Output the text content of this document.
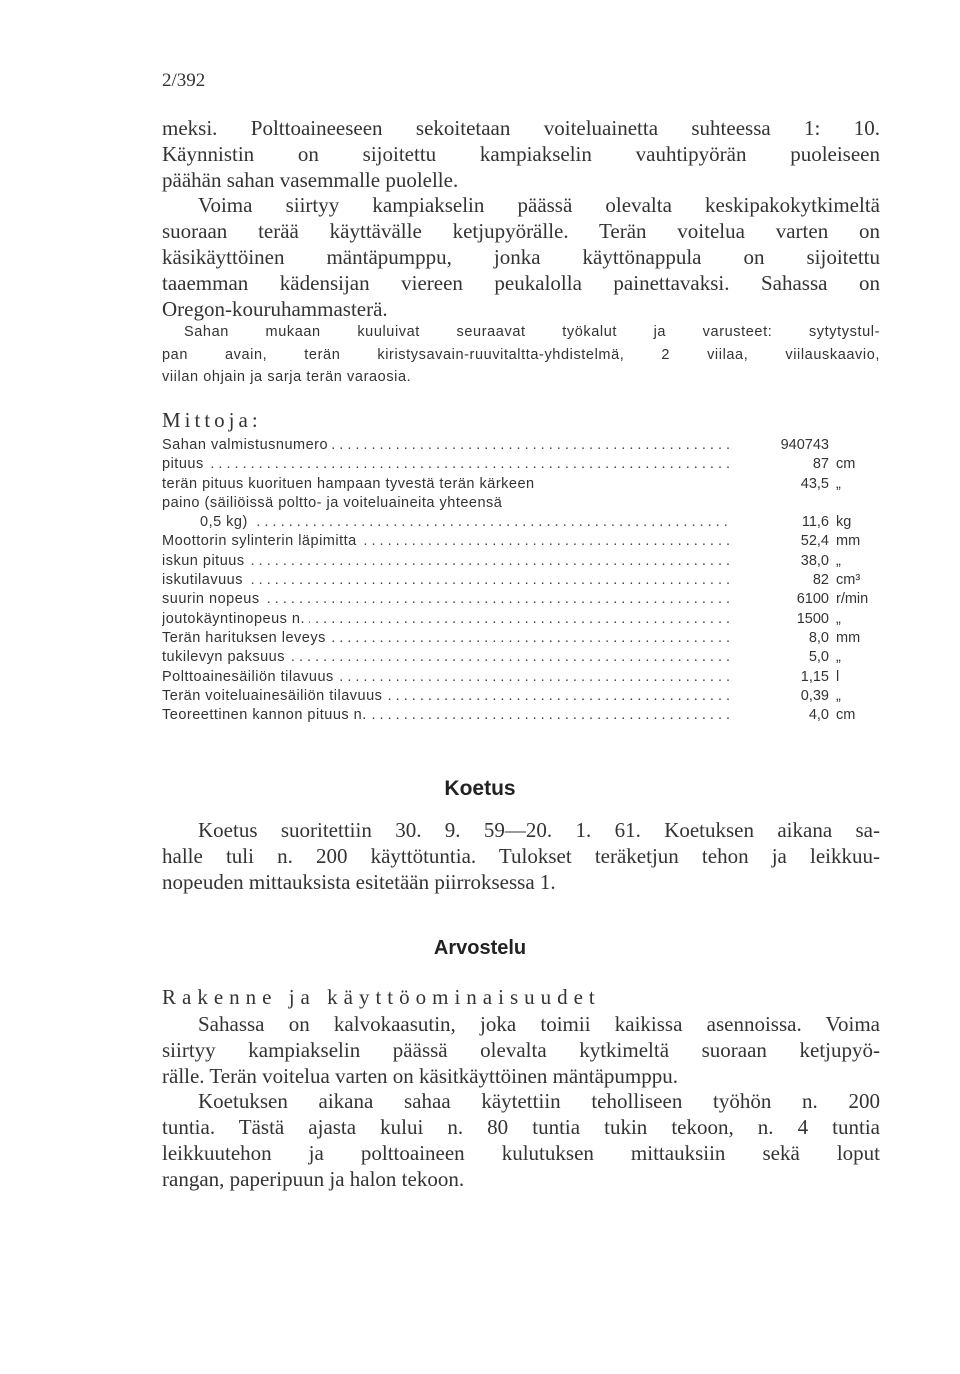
2/392
meksi. Polttoaineeseen sekoitetaan voiteluainetta suhteessa 1: 10.
Käynnistin on sijoitettu kampiakselin vauhtipyörän puoleiseen
päähän sahan vasemmalle puolelle.
Voima siirtyy kampiakselin päässä olevalta keskipakokytkimeltä
suoraan terää käyttävälle ketjupyörälle. Terän voitelua varten on
käsikäyttöinen mäntäpumppu, jonka käyttönappula on sijoitettu
taaemman kädensijan viereen peukalolla painettavaksi. Sahassa on
Oregon-kouruhammasterä.
Sahan mukaan kuuluivat seuraavat työkalut ja varusteet: sytytystul-
pan avain, terän kiristysavain-ruuvitaltta-yhdistelmä, 2 viilaa, viilauskaavio,
viilan ohjain ja sarja terän varaosia.
Mittoja:
Sahan valmistusnumero . . .	940743
pituus . . .	87 cm
terän pituus kuorituen hampaan tyvestä terän kärkeen	43,5 „
paino (säiliöissä poltto- ja voiteluaineita yhteensä
0,5 kg) . . .	11,6 kg
Moottorin sylinterin läpimitta . . .	52,4 mm
iskun pituus . . .	38,0 „
iskutilavuus . . .	82 cm³
suurin nopeus . . .	6100 r/min
joutokäyntinopeus n. . . .	1500 „
Terän harituksen leveys . . .	8,0 mm
tukilevyn paksuus . . .	5,0 „
Polttoainesäiliön tilavuus . . .	1,15 l
Terän voiteluainesäiliön tilavuus . . .	0,39 „
Teoreettinen kannon pituus n. . . .	4,0 cm
Koetus
Koetus suoritettiin 30. 9. 59—20. 1. 61. Koetuksen aikana sa-
halle tuli n. 200 käyttötuntia. Tulokset teräketjun tehon ja leikkuu-
nopeuden mittauksista esitetään piirroksessa 1.
Arvostelu
Rakenne ja käyttöominaisuudet
Sahassa on kalvokaasutin, joka toimii kaikissa asennoissa. Voima
siirtyy kampiakselin päässä olevalta kytkimeltä suoraan ketjupyö-
rälle. Terän voitelua varten on käsitkäyttöinen mäntäpumppu.
Koetuksen aikana sahaa käytettiin teholliseen työhön n. 200
tuntia. Tästä ajasta kului n. 80 tuntia tukin tekoon, n. 4 tuntia
leikkuutehon ja polttoaineen kulutuksen mittauksiin sekä loput
rangan, paperipuun ja halon tekoon.
